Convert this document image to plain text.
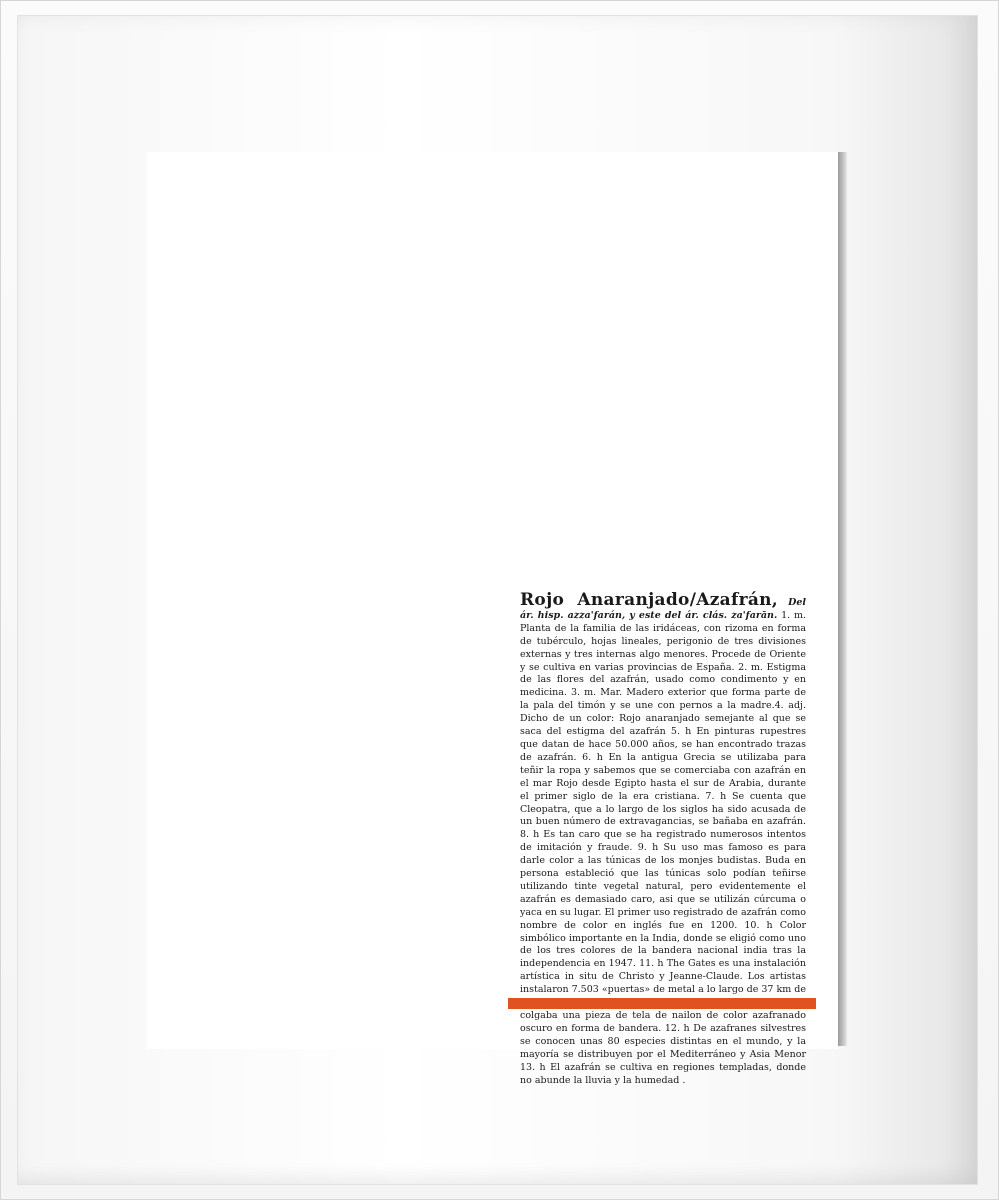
Rojo Anaranjado/Azafrán, Del ár. hisp. azza'farán, y este del ár. clás. za'farān. 1. m. Planta de la familia de las iridáceas, con rizoma en forma de tubérculo, hojas lineales, perigonio de tres divisiones externas y tres internas algo menores. Procede de Oriente y se cultiva en varias provincias de España. 2. m. Estigma de las flores del azafrán, usado como condimento y en medicina. 3. m. Mar. Madero exterior que forma parte de la pala del timón y se une con pernos a la madre.4. adj. Dicho de un color: Rojo anaranjado semejante al que se saca del estigma del azafrán 5. h En pinturas rupestres que datan de hace 50.000 años, se han encontrado trazas de azafrán. 6. h En la antigua Grecia se utilizaba para teñir la ropa y sabemos que se comerciaba con azafrán en el mar Rojo desde Egipto hasta el sur de Arabia, durante el primer siglo de la era cristiana. 7. h Se cuenta que Cleopatra, que a lo largo de los siglos ha sido acusada de un buen número de extravagancias, se bañaba en azafrán. 8. h Es tan caro que se ha registrado numerosos intentos de imitación y fraude. 9. h Su uso mas famoso es para darle color a las túnicas de los monjes budistas. Buda en persona estableció que las túnicas solo podían teñirse utilizando tinte vegetal natural, pero evidentemente el azafrán es demasiado caro, asi que se utilizán cúrcuma o yaca en su lugar. El primer uso registrado de azafrán como nombre de color en inglés fue en 1200. 10. h Color simbólico importante en la India, donde se eligió como uno de los tres colores de la bandera nacional india tras la independencia en 1947. 11. h The Gates es una instalación artística in situ de Christo y Jeanne-Claude. Los artistas instalaron 7.503 «puertas» de metal a lo largo de 37 km de colgaba una pieza de tela de nailon de color azafranado oscuro en forma de bandera. 12. h De azafranes silvestres se conocen unas 80 especies distintas en el mundo, y la mayoría se distribuyen por el Mediterráneo y Asia Menor 13. h El azafrán se cultiva en regiones templadas, donde no abunde la lluvia y la humedad .
